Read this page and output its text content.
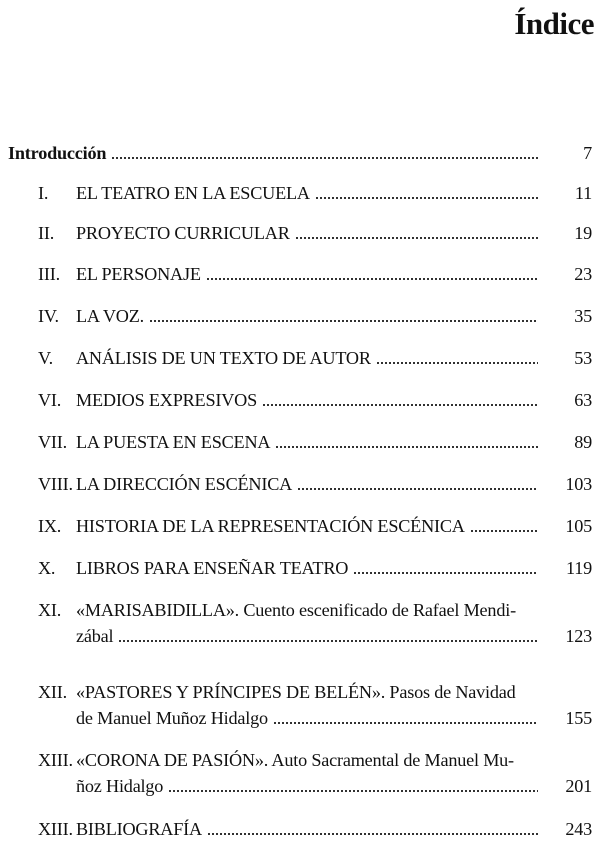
Índice
Introducción	7
I. EL TEATRO EN LA ESCUELA	11
II. PROYECTO CURRICULAR	19
III. EL PERSONAJE	23
IV. LA VOZ.	35
V. ANÁLISIS DE UN TEXTO DE AUTOR	53
VI. MEDIOS EXPRESIVOS	63
VII. LA PUESTA EN ESCENA	89
VIII. LA DIRECCIÓN ESCÉNICA	103
IX. HISTORIA DE LA REPRESENTACIÓN ESCÉNICA	105
X. LIBROS PARA ENSEÑAR TEATRO	119
XI. «MARISABIDILLA». Cuento escenificado de Rafael Mendi-
zábal	123
XII. «PASTORES Y PRÍNCIPES DE BELÉN». Pasos de Navidad
de Manuel Muñoz Hidalgo	155
XIII. «CORONA DE PASIÓN». Auto Sacramental de Manuel Mu-
ñoz Hidalgo	201
XIII. BIBLIOGRAFÍA	243
